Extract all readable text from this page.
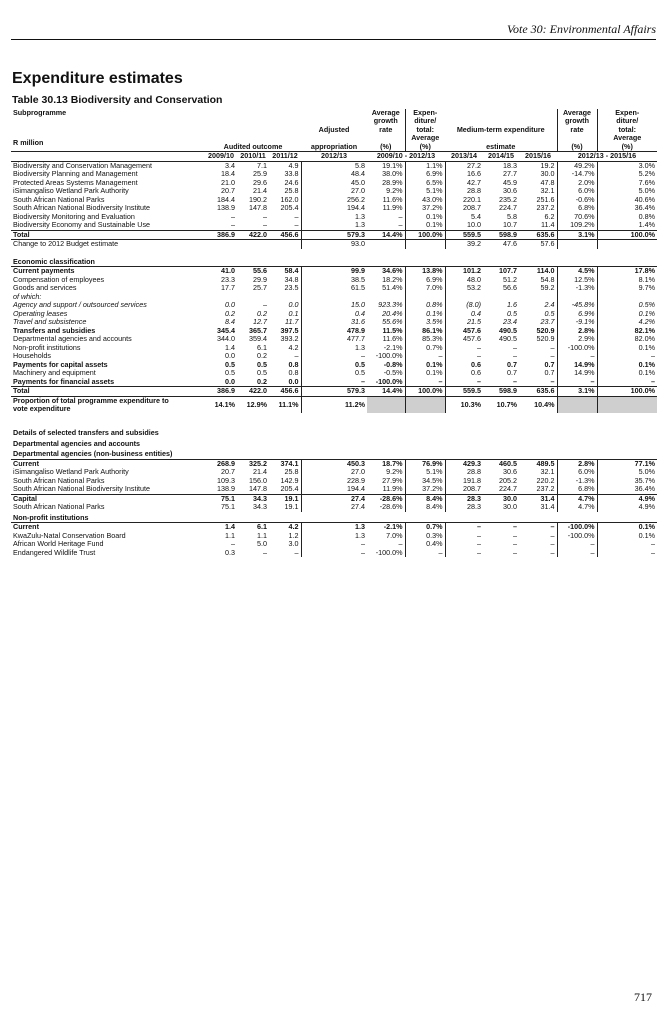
Vote 30: Environmental Affairs
Expenditure estimates
Table 30.13 Biodiversity and Conservation
Subprogramme					Average	Expen-				Average	Expen-
					growth	diture/				growth	diture/
				Adjusted	rate	total:	Medium-term expenditure			rate	total:
R million	Audited outcome			appropriation	(%)	Average
(%)	estimate			(%)	Average
(%)
	2009/10	2010/11	2011/12	2012/13	2009/10 - 2012/13		2013/14	2014/15	2015/16	2012/13 - 2015/16	
Biodiversity and Conservation Management	3.4	7.1	4.9	5.8	19.1%	1.1%	27.2	18.3	19.2	49.2%	3.0%
Biodiversity Planning and Management	18.4	25.9	33.8	48.4	38.0%	6.9%	16.6	27.7	30.0	-14.7%	5.2%
Protected Areas Systems Management	21.0	29.6	24.6	45.0	28.9%	6.5%	42.7	45.9	47.8	2.0%	7.6%
iSimangaliso Wetland Park Authority	20.7	21.4	25.8	27.0	9.2%	5.1%	28.8	30.6	32.1	6.0%	5.0%
South African National Parks	184.4	190.2	162.0	256.2	11.6%	43.0%	220.1	235.2	251.6	-0.6%	40.6%
South African National Biodiversity Institute	138.9	147.8	205.4	194.4	11.9%	37.2%	208.7	224.7	237.2	6.8%	36.4%
Biodiversity Monitoring and Evaluation	–	–	–	1.3	–	0.1%	5.4	5.8	6.2	70.6%	0.8%
Biodiversity Economy and Sustainable Use	–	–	–	1.3	–	0.1%	10.0	10.7	11.4	109.2%	1.4%
Total	386.9	422.0	456.6	579.3	14.4%	100.0%	559.5	598.9	635.6	3.1%	100.0%
Change to 2012 Budget estimate				93.0			39.2	47.6	57.6		

Economic classification											
Current payments	41.0	55.6	58.4	99.9	34.6%	13.8%	101.2	107.7	114.0	4.5%	17.8%
Compensation of employees	23.3	29.9	34.8	38.5	18.2%	6.9%	48.0	51.2	54.8	12.5%	8.1%
Goods and services	17.7	25.7	23.5	61.5	51.4%	7.0%	53.2	56.6	59.2	-1.3%	9.7%
of which:											
Agency and support / outsourced services	0.0	–	0.0	15.0	923.3%	0.8%	(8.0)	1.6	2.4	-45.8%	0.5%
Operating leases	0.2	0.2	0.1	0.4	20.4%	0.1%	0.4	0.5	0.5	6.9%	0.1%
Travel and subsistence	8.4	12.7	11.7	31.6	55.6%	3.5%	21.5	23.4	23.7	-9.1%	4.2%
Transfers and subsidies	345.4	365.7	397.5	478.9	11.5%	86.1%	457.6	490.5	520.9	2.8%	82.1%
Departmental agencies and accounts	344.0	359.4	393.2	477.7	11.6%	85.3%	457.6	490.5	520.9	2.9%	82.0%
Non-profit institutions	1.4	6.1	4.2	1.3	-2.1%	0.7%	–	–	–	-100.0%	0.1%
Households	0.0	0.2	–	–	-100.0%	–	–	–	–	–	–
Payments for capital assets	0.5	0.5	0.8	0.5	-0.8%	0.1%	0.6	0.7	0.7	14.9%	0.1%
Machinery and equipment	0.5	0.5	0.8	0.5	-0.5%	0.1%	0.6	0.7	0.7	14.9%	0.1%
Payments for financial assets	0.0	0.2	0.0	–	-100.0%	–	–	–	–	–	–
Total	386.9	422.0	456.6	579.3	14.4%	100.0%	559.5	598.9	635.6	3.1%	100.0%
Proportion of total programme expenditure to
vote expenditure	14.1%	12.9%	11.1%	11.2%			10.3%	10.7%	10.4%		

Details of selected transfers and subsidies											
Departmental agencies and accounts											
Departmental agencies (non-business entities)											
Current	268.9	325.2	374.1	450.3	18.7%	76.9%	429.3	460.5	489.5	2.8%	77.1%
iSimangaliso Wetland Park Authority	20.7	21.4	25.8	27.0	9.2%	5.1%	28.8	30.6	32.1	6.0%	5.0%
South African National Parks	109.3	156.0	142.9	228.9	27.9%	34.5%	191.8	205.2	220.2	-1.3%	35.7%
South African National Biodiversity Institute	138.9	147.8	205.4	194.4	11.9%	37.2%	208.7	224.7	237.2	6.8%	36.4%
Capital	75.1	34.3	19.1	27.4	-28.6%	8.4%	28.3	30.0	31.4	4.7%	4.9%
South African National Parks	75.1	34.3	19.1	27.4	-28.6%	8.4%	28.3	30.0	31.4	4.7%	4.9%
Non-profit institutions											
Current	1.4	6.1	4.2	1.3	-2.1%	0.7%	–	–	–	-100.0%	0.1%
KwaZulu-Natal Conservation Board	1.1	1.1	1.2	1.3	7.0%	0.3%	–	–	–	-100.0%	0.1%
African World Heritage Fund	–	5.0	3.0	–	–	0.4%	–	–	–	–	–
Endangered Wildlife Trust	0.3	–	–	–	-100.0%	–	–	–	–	–	–
717
